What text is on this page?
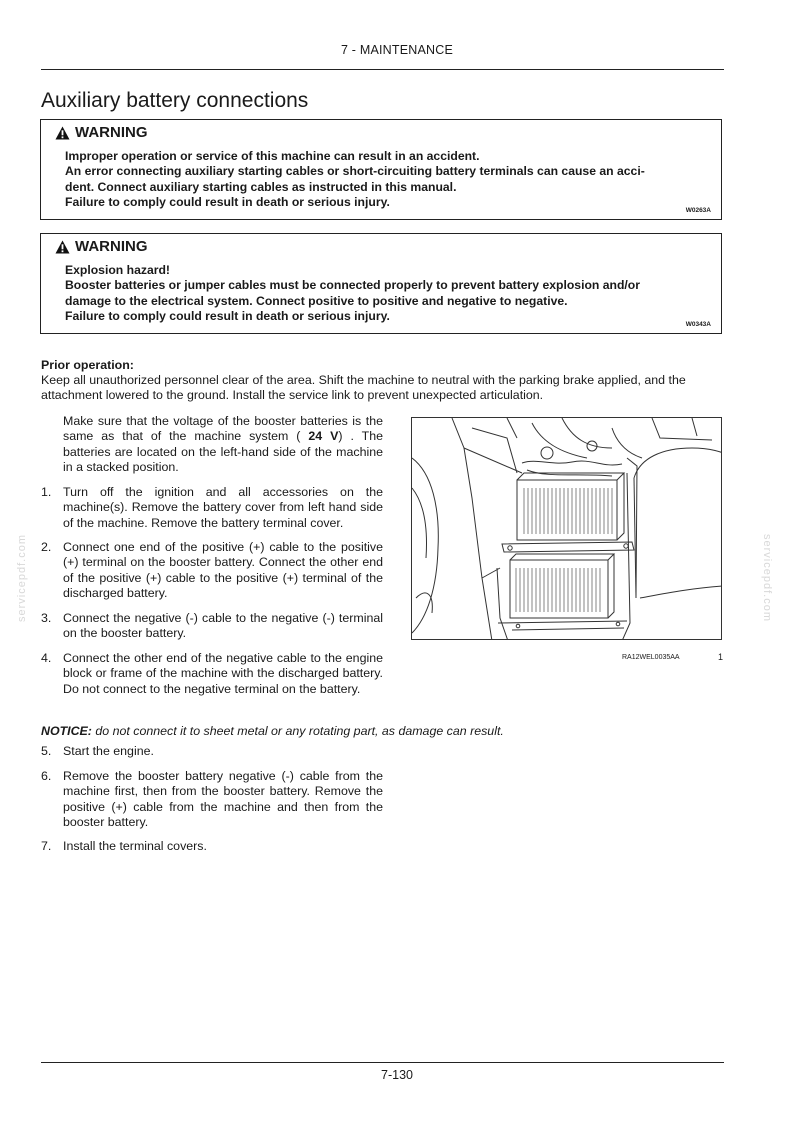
7 - MAINTENANCE
Auxiliary battery connections
WARNING
Improper operation or service of this machine can result in an accident.
An error connecting auxiliary starting cables or short-circuiting battery terminals can cause an acci-
dent. Connect auxiliary starting cables as instructed in this manual.
Failure to comply could result in death or serious injury.
W0263A
WARNING
Explosion hazard!
Booster batteries or jumper cables must be connected properly to prevent battery explosion and/or
damage to the electrical system. Connect positive to positive and negative to negative.
Failure to comply could result in death or serious injury.
W0343A
Prior operation:
Keep all unauthorized personnel clear of the area. Shift the machine to neutral with the parking brake applied, and the attachment lowered to the ground. Install the service link to prevent unexpected articulation.
Make sure that the voltage of the booster batteries is the same as that of the machine system ( 24 V) . The batteries are located on the left-hand side of the machine in a stacked position.
1. Turn off the ignition and all accessories on the machine(s). Remove the battery cover from left hand side of the machine. Remove the battery terminal cover.
2. Connect one end of the positive (+) cable to the positive (+) terminal on the booster battery. Connect the other end of the positive (+) cable to the positive (+) terminal of the discharged battery.
3. Connect the negative (-) cable to the negative (-) terminal on the booster battery.
4. Connect the other end of the negative cable to the engine block or frame of the machine with the discharged battery. Do not connect to the negative terminal on the battery.
NOTICE: do not connect it to sheet metal or any rotating part, as damage can result.
5. Start the engine.
6. Remove the booster battery negative (-) cable from the machine first, then from the booster battery. Remove the positive (+) cable from the machine and then from the booster battery.
7. Install the terminal covers.
RA12WEL0035AA	1
servicepdf.com	servicepdf.com
7-130
